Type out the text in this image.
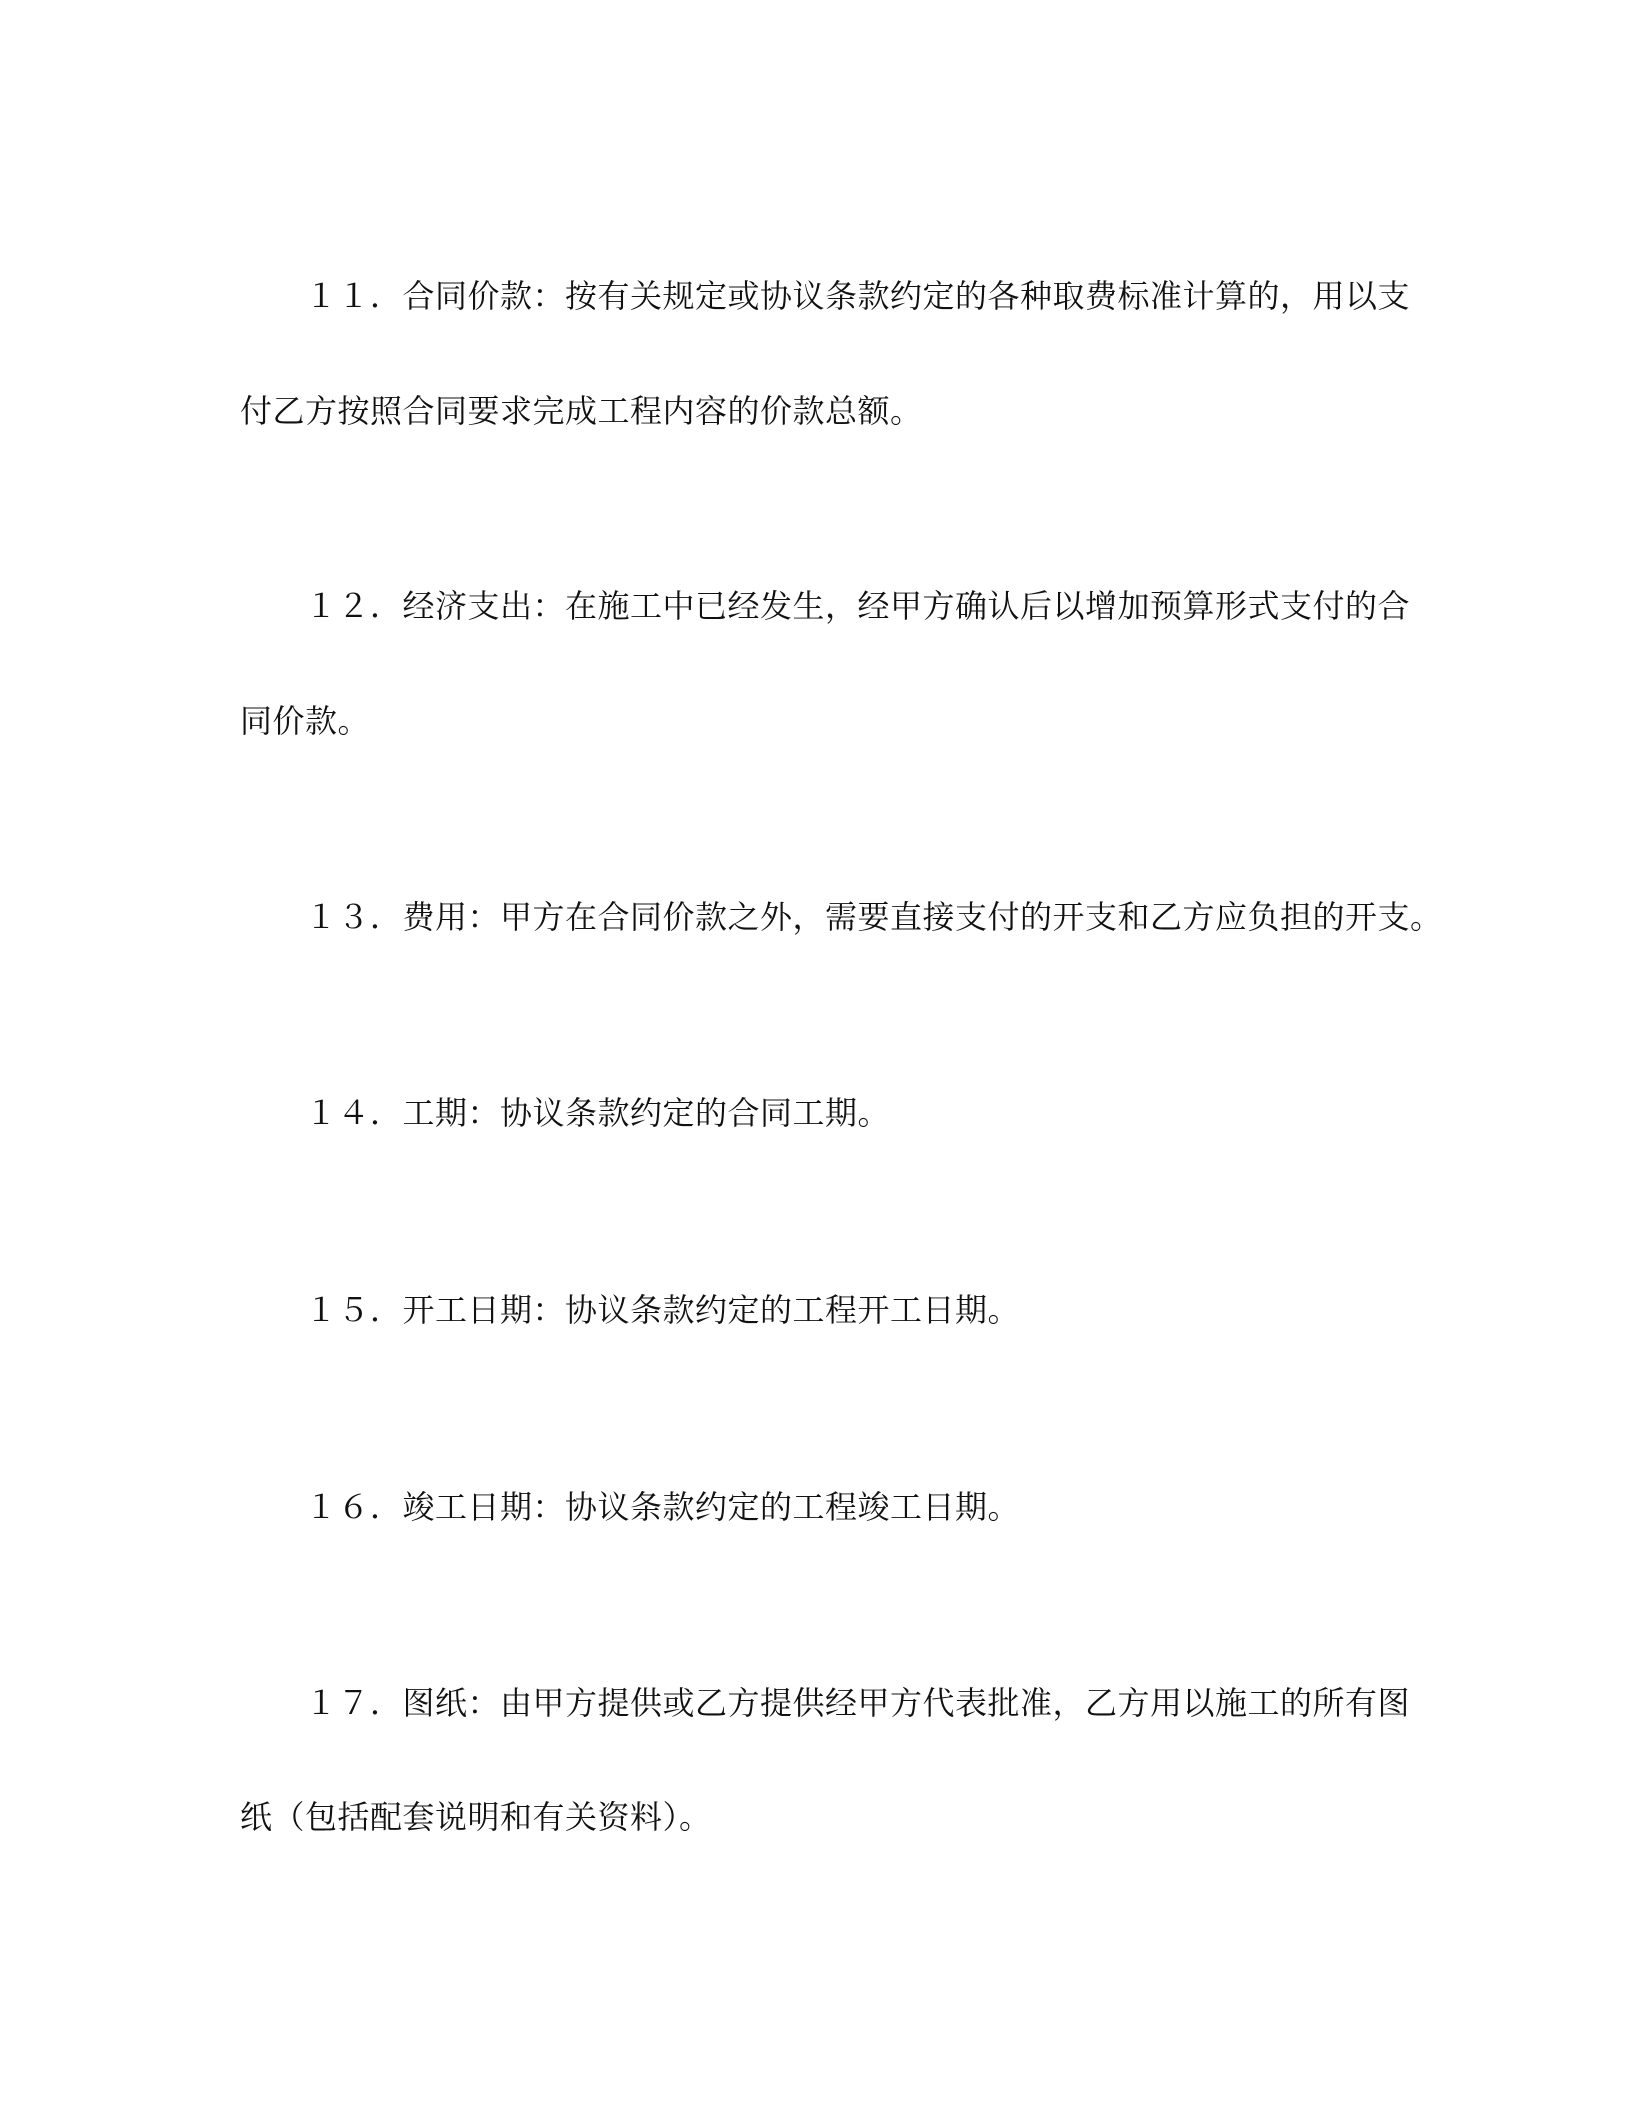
１１．合同价款：按有关规定或协议条款约定的各种取费标准计算的，用以支
付乙方按照合同要求完成工程内容的价款总额。
１２．经济支出：在施工中已经发生，经甲方确认后以增加预算形式支付的合
同价款。
１３．费用：甲方在合同价款之外，需要直接支付的开支和乙方应负担的开支。
１４．工期：协议条款约定的合同工期。
１５．开工日期：协议条款约定的工程开工日期。
１６．竣工日期：协议条款约定的工程竣工日期。
１７．图纸：由甲方提供或乙方提供经甲方代表批准，乙方用以施工的所有图
纸（包括配套说明和有关资料）。
